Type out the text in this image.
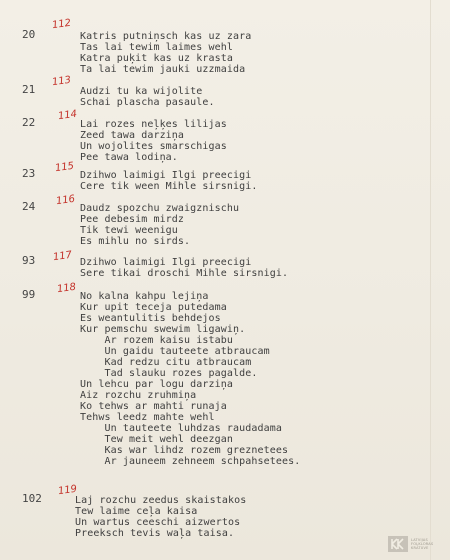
20
112
Katris putniņsch kas uz zara
Tas lai tewim laimes wehl
Katra puķit kas uz krasta
Ta lai tewim jauki uzzmaida
21
113
Audzi tu ka wijolite
Schai plascha pasaule.
22
114
Lai rozes neļķes lilijas
Zeed tawa darziņa
Un wojolites smarschigas
Pee tawa lodiņa.
23 115
Dzihwo laimigi Ilgi preecigi
Cere tik ween Mihle sirsnigi.
24 116
Daudz spozchu zwaigznischu
Pee debesim mirdz
Tik tewi weenigu
Es mihlu no sirds.
93 117 Dzihwo laimigi Ilgi preecigi
Sere tikai droschi Mihle sirsnigi.
99 118
No kalna kahpu lejiņa
Kur upit teceja putedama
Es weantulitis behdejos
Kur pemschu swewim ligawiņ.
Ar rozem kaisu istabu
Un gaidu tauteete atbraucam
Kad redzu citu atbraucam
Tad slauku rozes pagalde.
Un lehcu par logu darziņa
Aiz rozchu zruhmiņa
Ko tehws ar mahti runaja
Tehws leedz mahte wehl
Un tauteete luhdzas raudadama
Tew meit wehl deezgan
Kas war lihdz rozem greznetees
Ar jauneem zehneem schpahsetees.
102
119
Laj rozchu zeedus skaistakos
Tew laime ceļa kaisa
Un wartus ceeschi aizwertos
Preeksch tevis waļa taisa.
LATVIJAS
FOLKLORAS
KRĀTUVE
